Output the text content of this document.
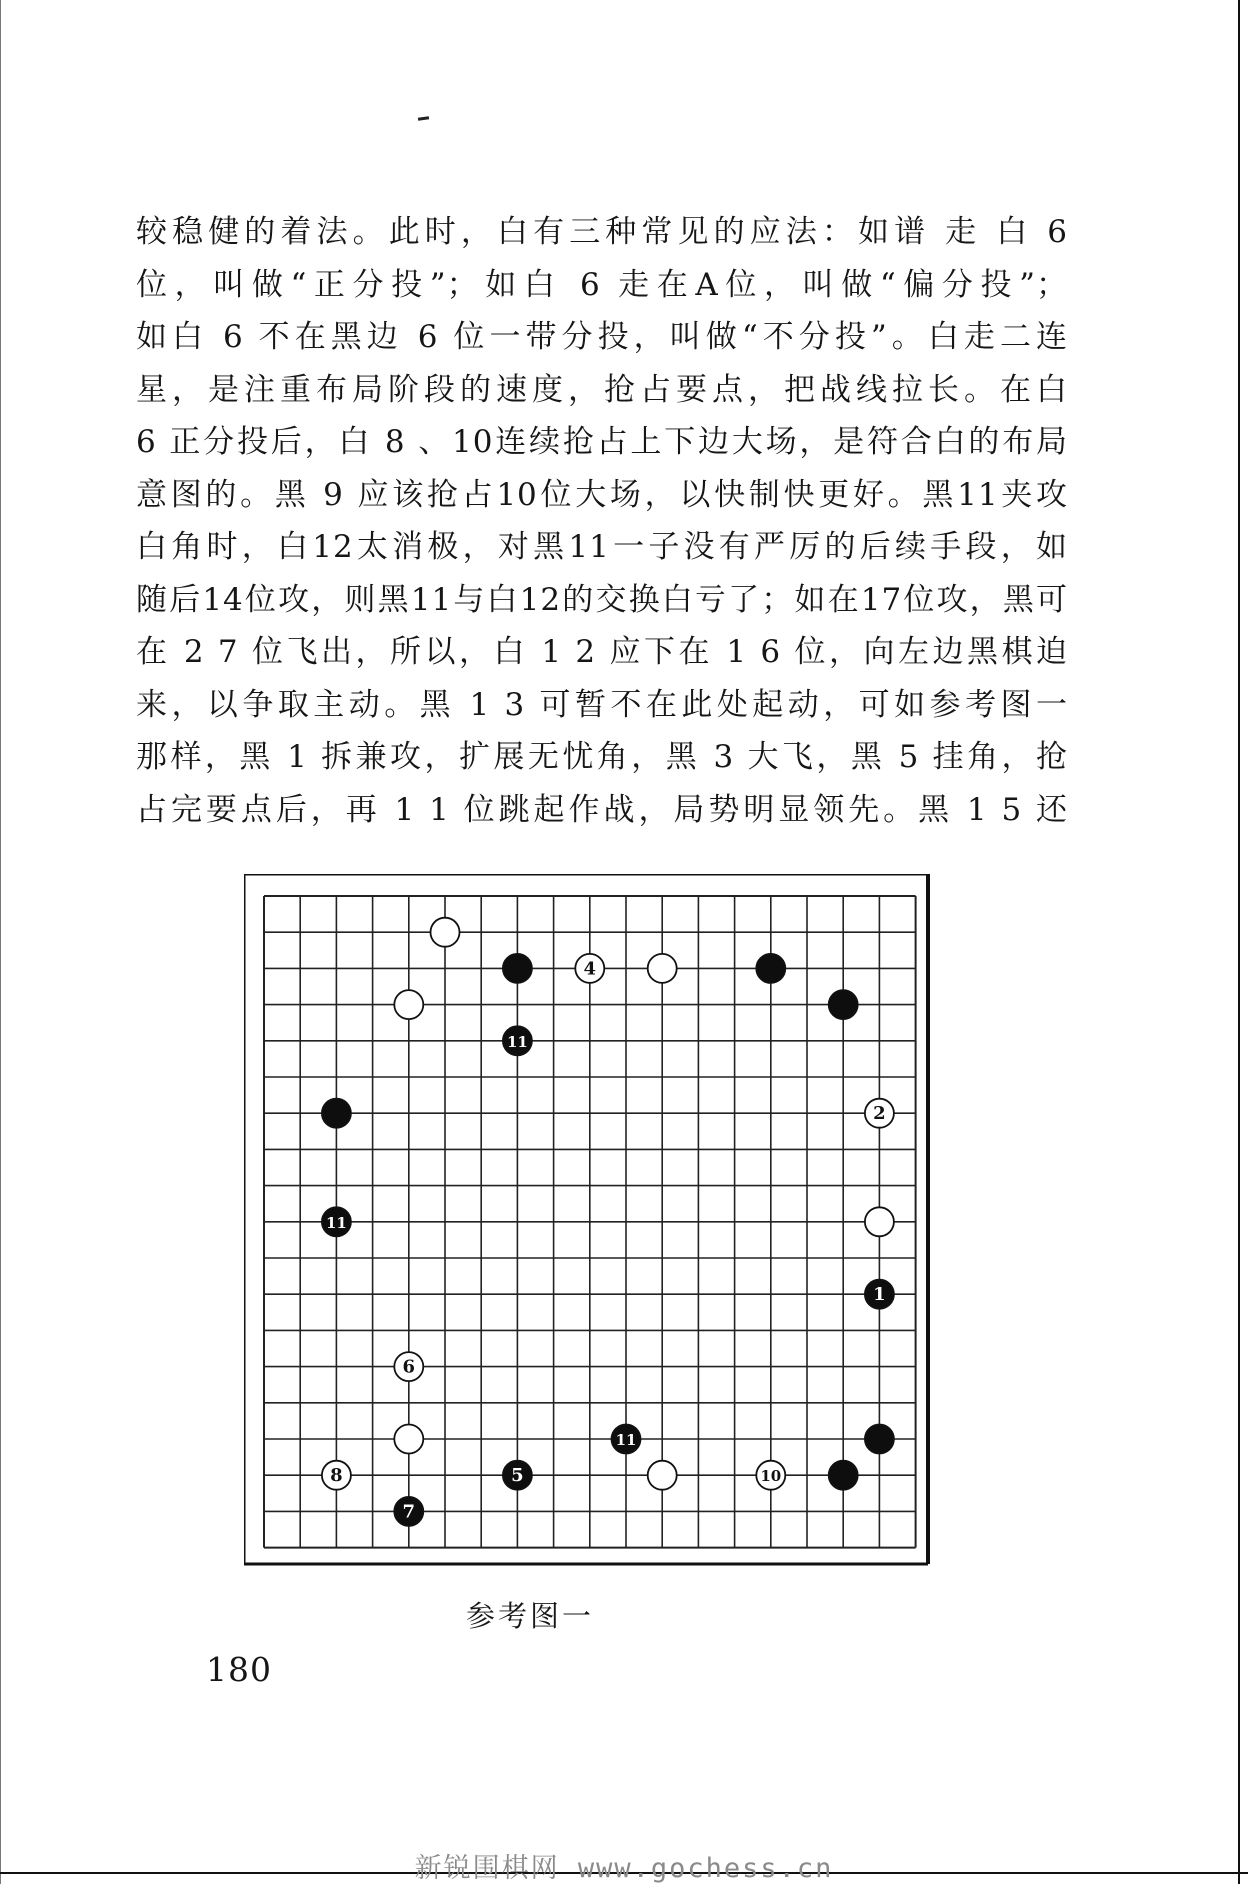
较稳健的着法。此时，白有三种常见的应法：如谱 走 白 6
位，叫做“正分投”；如白 6 走在A位，叫做“偏分投”；
如白 6 不在黑边 6 位一带分投，叫做“不分投”。白走二连
星，是注重布局阶段的速度，抢占要点，把战线拉长。在白
6 正分投后，白 8 、10连续抢占上下边大场，是符合白的布局
意图的。黑 9 应该抢占10位大场，以快制快更好。黑11夹攻
白角时，白12太消极，对黑11一子没有严厉的后续手段，如
随后14位攻，则黑11与白12的交换白亏了；如在17位攻，黑可
在 2 7 位飞出，所以，白 1 2 应下在 1 6 位，向左边黑棋迫
来，以争取主动。黑 1 3 可暂不在此处起动，可如参考图一
那样，黑 1 拆兼攻，扩展无忧角，黑 3 大飞，黑 5 挂角，抢
占完要点后，再 1 1 位跳起作战，局势明显领先。黑 1 5 还
4
11
2
11
1
6
11
8	5	10
7
参考图一
180
新锐围棋网 www.gochess.cn
